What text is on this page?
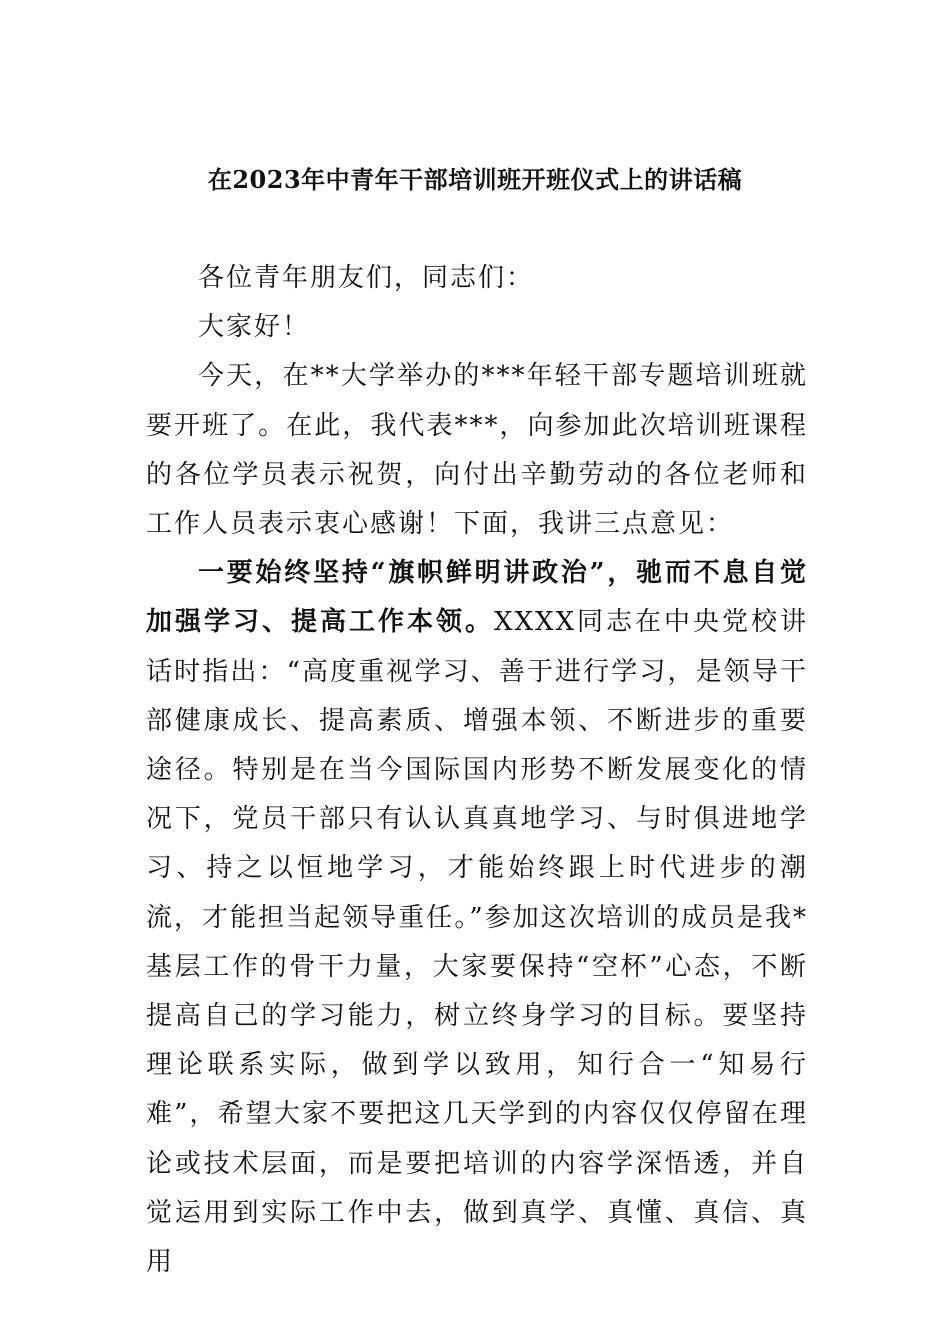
在2023年中青年干部培训班开班仪式上的讲话稿

各位青年朋友们，同志们：

大家好！

今天，在**大学举办的***年轻干部专题培训班就要开班了。在此，我代表***，向参加此次培训班课程的各位学员表示祝贺，向付出辛勤劳动的各位老师和工作人员表示衷心感谢！下面，我讲三点意见：

一要始终坚持“旗帜鲜明讲政治”，驰而不息自觉加强学习、提高工作本领。XXXX同志在中央党校讲话时指出：“高度重视学习、善于进行学习，是领导干部健康成长、提高素质、增强本领、不断进步的重要途径。特别是在当今国际国内形势不断发展变化的情况下，党员干部只有认认真真地学习、与时俱进地学习、持之以恒地学习，才能始终跟上时代进步的潮流，才能担当起领导重任。”参加这次培训的成员是我*基层工作的骨干力量，大家要保持“空杯”心态，不断提高自己的学习能力，树立终身学习的目标。要坚持理论联系实际，做到学以致用，知行合一“知易行难”，希望大家不要把这几天学到的内容仅仅停留在理论或技术层面，而是要把培训的内容学深悟透，并自觉运用到实际工作中去，做到真学、真懂、真信、真用
